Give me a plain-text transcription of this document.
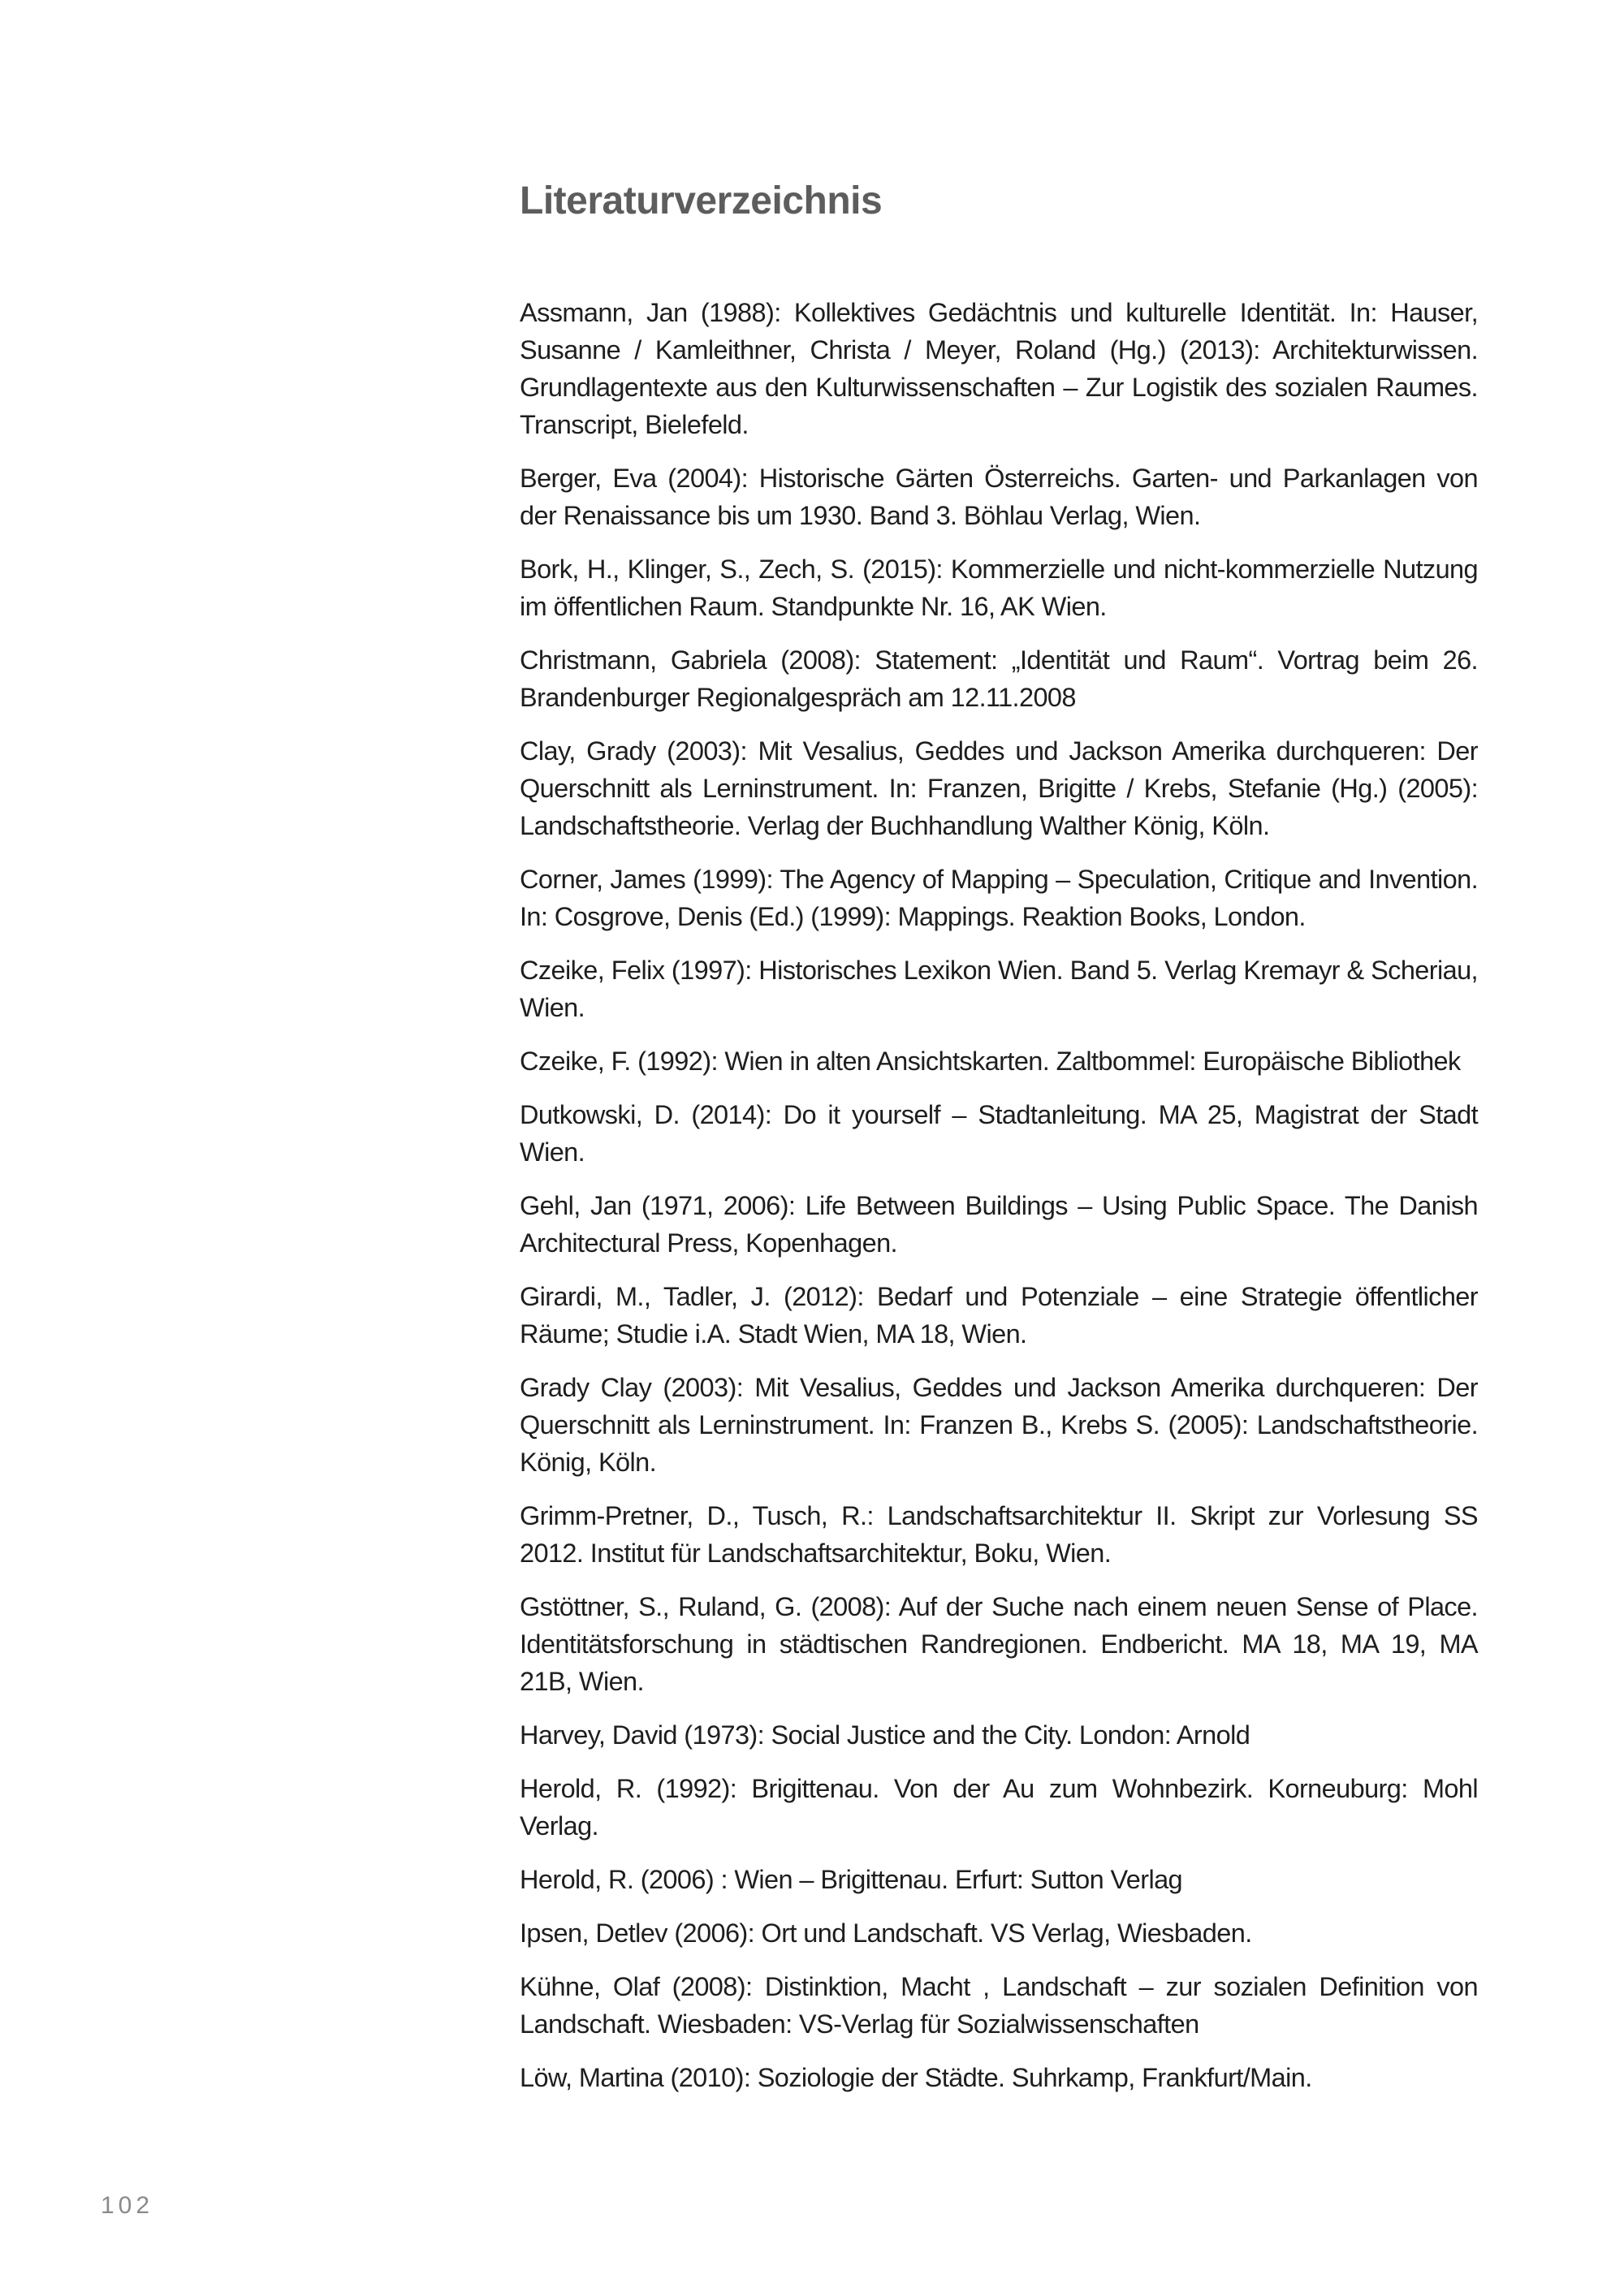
Literaturverzeichnis
Assmann, Jan (1988): Kollektives Gedächtnis und kulturelle Identität. In: Hauser, Susanne / Kamleithner, Christa / Meyer, Roland (Hg.) (2013): Architekturwissen. Grundlagentexte aus den Kulturwissenschaften – Zur Logistik des sozialen Raumes. Transcript, Bielefeld.
Berger, Eva (2004): Historische Gärten Österreichs. Garten- und Parkanlagen von der Renaissance bis um 1930. Band 3. Böhlau Verlag, Wien.
Bork, H., Klinger, S., Zech, S. (2015): Kommerzielle und nicht-kommerzielle Nutzung im öffentlichen Raum. Standpunkte Nr. 16, AK Wien.
Christmann, Gabriela (2008): Statement: „Identität und Raum“. Vortrag beim 26. Brandenburger Regionalgespräch am 12.11.2008
Clay, Grady (2003): Mit Vesalius, Geddes und Jackson Amerika durchqueren: Der Querschnitt als Lerninstrument. In: Franzen, Brigitte / Krebs, Stefanie (Hg.) (2005): Landschaftstheorie. Verlag der Buchhandlung Walther König, Köln.
Corner, James (1999): The Agency of Mapping – Speculation, Critique and Invention. In: Cosgrove, Denis (Ed.) (1999): Mappings. Reaktion Books, London.
Czeike, Felix (1997): Historisches Lexikon Wien. Band 5. Verlag Kremayr & Scheriau, Wien.
Czeike, F. (1992): Wien in alten Ansichtskarten. Zaltbommel: Europäische Bibliothek
Dutkowski, D. (2014): Do it yourself – Stadtanleitung. MA 25, Magistrat der Stadt Wien.
Gehl, Jan (1971, 2006): Life Between Buildings – Using Public Space. The Danish Architectural Press, Kopenhagen.
Girardi, M., Tadler, J. (2012): Bedarf und Potenziale – eine Strategie öffentlicher Räume; Studie i.A. Stadt Wien, MA 18, Wien.
Grady Clay (2003): Mit Vesalius, Geddes und Jackson Amerika durchqueren: Der Querschnitt als Lerninstrument. In: Franzen B., Krebs S. (2005): Landschaftstheorie. König, Köln.
Grimm-Pretner, D., Tusch, R.: Landschaftsarchitektur II. Skript zur Vorlesung SS 2012. Institut für Landschaftsarchitektur, Boku, Wien.
Gstöttner, S., Ruland, G. (2008): Auf der Suche nach einem neuen Sense of Place. Identitätsforschung in städtischen Randregionen. Endbericht. MA 18, MA 19, MA 21B, Wien.
Harvey, David (1973): Social Justice and the City. London: Arnold
Herold, R. (1992): Brigittenau. Von der Au zum Wohnbezirk. Korneuburg: Mohl Verlag.
Herold, R. (2006) : Wien – Brigittenau. Erfurt: Sutton Verlag
Ipsen, Detlev (2006): Ort und Landschaft. VS Verlag, Wiesbaden.
Kühne, Olaf (2008): Distinktion, Macht , Landschaft – zur sozialen Definition von Landschaft. Wiesbaden: VS-Verlag für Sozialwissenschaften
Löw, Martina (2010): Soziologie der Städte. Suhrkamp, Frankfurt/Main.
102
